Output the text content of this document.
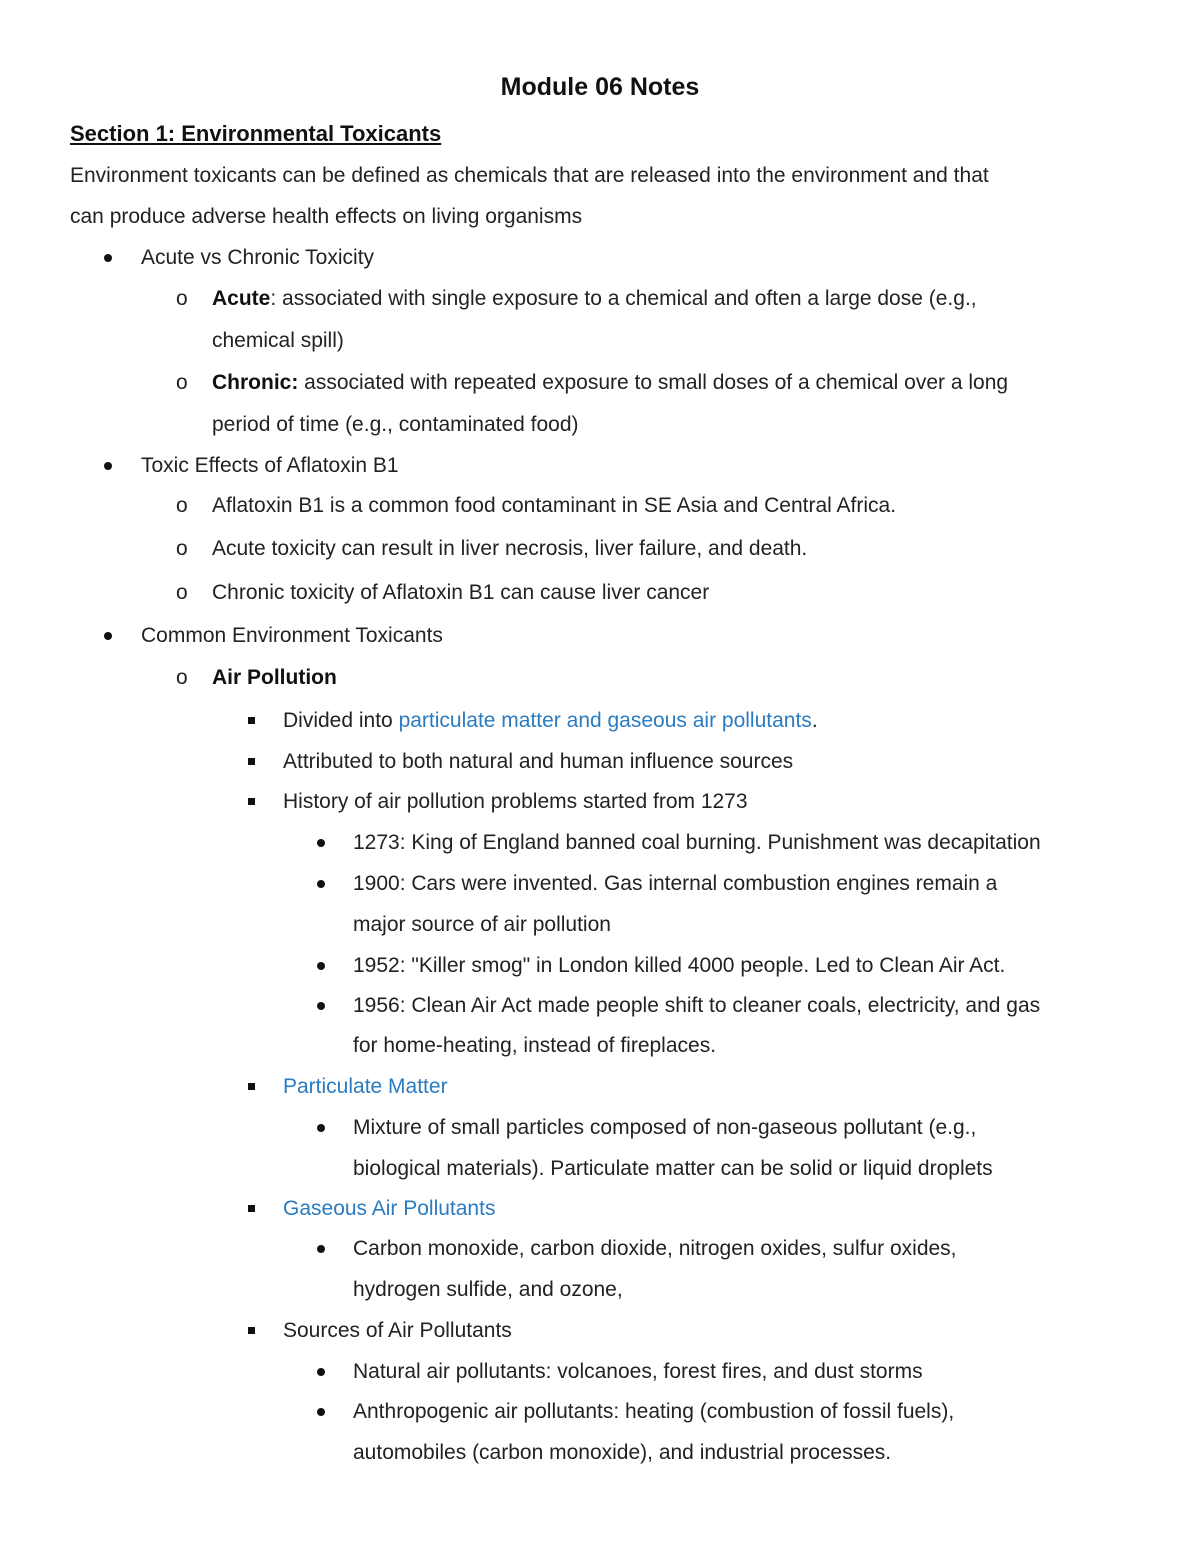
Module 06 Notes
Section 1: Environmental Toxicants

Environment toxicants can be defined as chemicals that are released into the environment and that

can produce adverse health effects on living organisms

Acute vs Chronic Toxicity

o Acute: associated with single exposure to a chemical and often a large dose (e.g.,

chemical spill)

o Chronic: associated with repeated exposure to small doses of a chemical over a long

period of time (e.g., contaminated food)

Toxic Effects of Aflatoxin B1

o Aflatoxin B1 is a common food contaminant in SE Asia and Central Africa.

o Acute toxicity can result in liver necrosis, liver failure, and death.

o Chronic toxicity of Aflatoxin B1 can cause liver cancer

Common Environment Toxicants

o Air Pollution

Divided into particulate matter and gaseous air pollutants.

Attributed to both natural and human influence sources

History of air pollution problems started from 1273

1273: King of England banned coal burning. Punishment was decapitation

1900: Cars were invented. Gas internal combustion engines remain a

major source of air pollution

1952: "Killer smog" in London killed 4000 people. Led to Clean Air Act.

1956: Clean Air Act made people shift to cleaner coals, electricity, and gas

for home-heating, instead of fireplaces.

Particulate Matter

Mixture of small particles composed of non-gaseous pollutant (e.g.,

biological materials). Particulate matter can be solid or liquid droplets

Gaseous Air Pollutants

Carbon monoxide, carbon dioxide, nitrogen oxides, sulfur oxides,

hydrogen sulfide, and ozone,

Sources of Air Pollutants

Natural air pollutants: volcanoes, forest fires, and dust storms

Anthropogenic air pollutants: heating (combustion of fossil fuels),

automobiles (carbon monoxide), and industrial processes.
